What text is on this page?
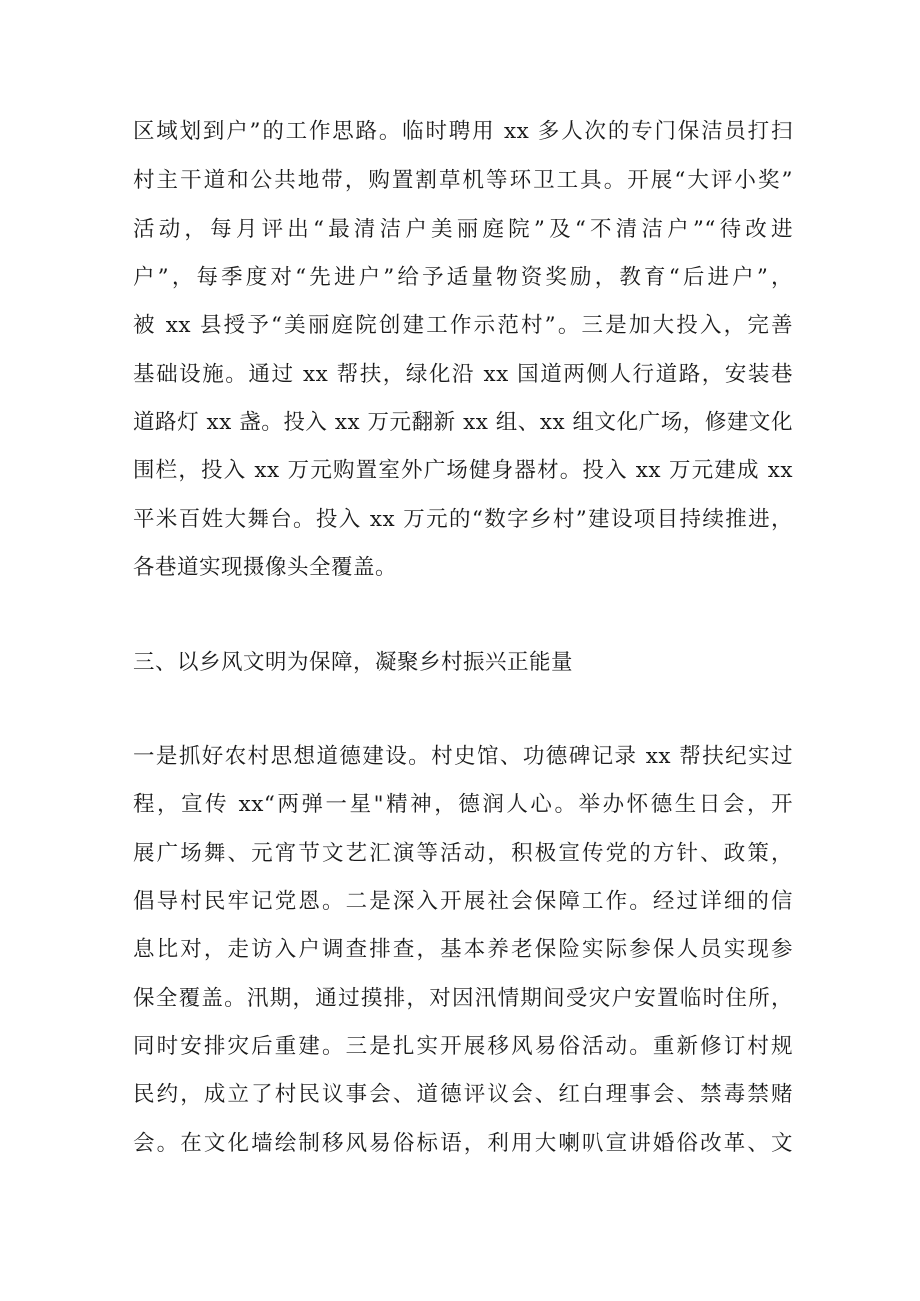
区域划到户”的工作思路。临时聘用 xx 多人次的专门保洁员打扫

村主干道和公共地带，购置割草机等环卫工具。开展“大评小奖”

活动，每月评出“最清洁户美丽庭院”及“不清洁户”“待改进

户”，每季度对“先进户”给予适量物资奖励，教育“后进户”，

被 xx 县授予“美丽庭院创建工作示范村”。三是加大投入，完善

基础设施。通过 xx 帮扶，绿化沿 xx 国道两侧人行道路，安装巷

道路灯 xx 盏。投入 xx 万元翻新 xx 组、xx 组文化广场，修建文化

围栏，投入 xx 万元购置室外广场健身器材。投入 xx 万元建成 xx

平米百姓大舞台。投入 xx 万元的“数字乡村”建设项目持续推进，

各巷道实现摄像头全覆盖。

三、以乡风文明为保障，凝聚乡村振兴正能量

一是抓好农村思想道德建设。村史馆、功德碑记录 xx 帮扶纪实过

程，宣传 xx“两弹一星"精神，德润人心。举办怀德生日会，开

展广场舞、元宵节文艺汇演等活动，积极宣传党的方针、政策，

倡导村民牢记党恩。二是深入开展社会保障工作。经过详细的信

息比对，走访入户调查排查，基本养老保险实际参保人员实现参

保全覆盖。汛期，通过摸排，对因汛情期间受灾户安置临时住所，

同时安排灾后重建。三是扎实开展移风易俗活动。重新修订村规

民约，成立了村民议事会、道德评议会、红白理事会、禁毒禁赌

会。在文化墙绘制移风易俗标语，利用大喇叭宣讲婚俗改革、文
